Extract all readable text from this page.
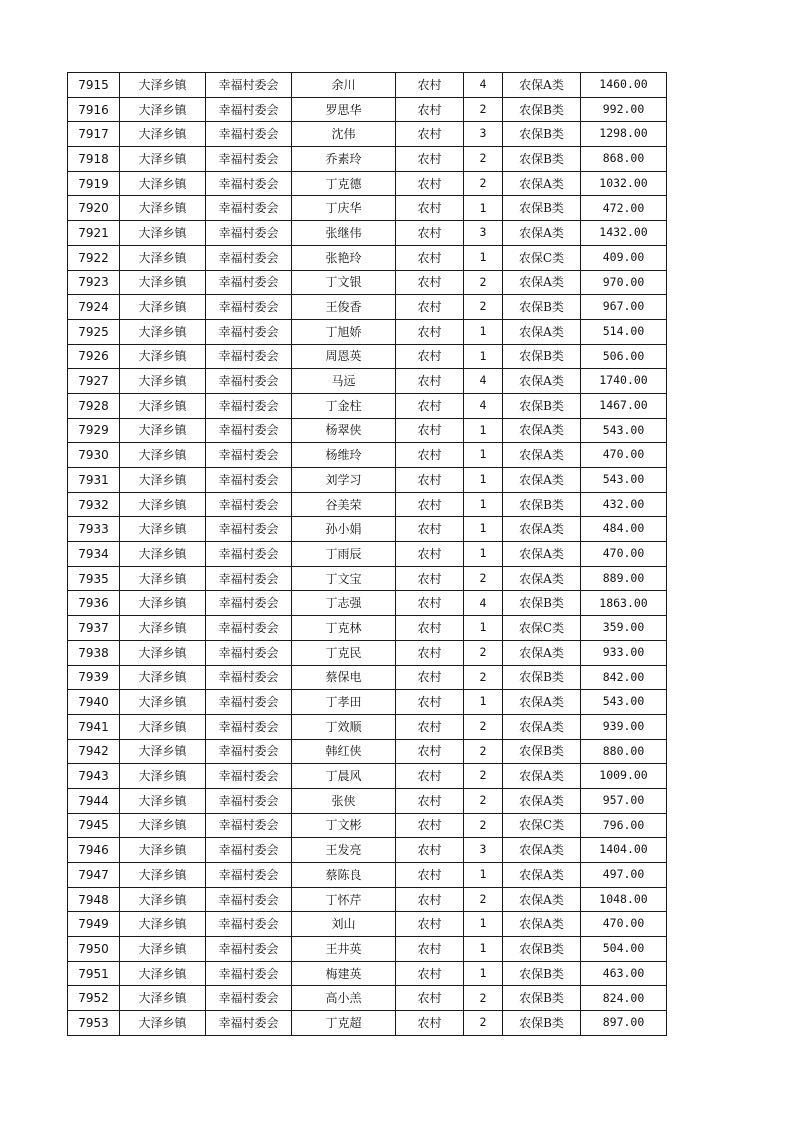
7915	大泽乡镇	幸福村委会	余川	农村	4	农保A类	1460.00
7916	大泽乡镇	幸福村委会	罗思华	农村	2	农保B类	992.00
7917	大泽乡镇	幸福村委会	沈伟	农村	3	农保B类	1298.00
7918	大泽乡镇	幸福村委会	乔素玲	农村	2	农保B类	868.00
7919	大泽乡镇	幸福村委会	丁克德	农村	2	农保A类	1032.00
7920	大泽乡镇	幸福村委会	丁庆华	农村	1	农保B类	472.00
7921	大泽乡镇	幸福村委会	张继伟	农村	3	农保A类	1432.00
7922	大泽乡镇	幸福村委会	张艳玲	农村	1	农保C类	409.00
7923	大泽乡镇	幸福村委会	丁文银	农村	2	农保A类	970.00
7924	大泽乡镇	幸福村委会	王俊香	农村	2	农保B类	967.00
7925	大泽乡镇	幸福村委会	丁旭娇	农村	1	农保A类	514.00
7926	大泽乡镇	幸福村委会	周恩英	农村	1	农保B类	506.00
7927	大泽乡镇	幸福村委会	马远	农村	4	农保A类	1740.00
7928	大泽乡镇	幸福村委会	丁金柱	农村	4	农保B类	1467.00
7929	大泽乡镇	幸福村委会	杨翠侠	农村	1	农保A类	543.00
7930	大泽乡镇	幸福村委会	杨维玲	农村	1	农保A类	470.00
7931	大泽乡镇	幸福村委会	刘学习	农村	1	农保A类	543.00
7932	大泽乡镇	幸福村委会	谷美荣	农村	1	农保B类	432.00
7933	大泽乡镇	幸福村委会	孙小娟	农村	1	农保A类	484.00
7934	大泽乡镇	幸福村委会	丁雨辰	农村	1	农保A类	470.00
7935	大泽乡镇	幸福村委会	丁文宝	农村	2	农保A类	889.00
7936	大泽乡镇	幸福村委会	丁志强	农村	4	农保B类	1863.00
7937	大泽乡镇	幸福村委会	丁克林	农村	1	农保C类	359.00
7938	大泽乡镇	幸福村委会	丁克民	农村	2	农保A类	933.00
7939	大泽乡镇	幸福村委会	蔡保电	农村	2	农保B类	842.00
7940	大泽乡镇	幸福村委会	丁孝田	农村	1	农保A类	543.00
7941	大泽乡镇	幸福村委会	丁效顺	农村	2	农保A类	939.00
7942	大泽乡镇	幸福村委会	韩红侠	农村	2	农保B类	880.00
7943	大泽乡镇	幸福村委会	丁晨风	农村	2	农保A类	1009.00
7944	大泽乡镇	幸福村委会	张侠	农村	2	农保A类	957.00
7945	大泽乡镇	幸福村委会	丁文彬	农村	2	农保C类	796.00
7946	大泽乡镇	幸福村委会	王发亮	农村	3	农保A类	1404.00
7947	大泽乡镇	幸福村委会	蔡陈良	农村	1	农保A类	497.00
7948	大泽乡镇	幸福村委会	丁怀芹	农村	2	农保A类	1048.00
7949	大泽乡镇	幸福村委会	刘山	农村	1	农保A类	470.00
7950	大泽乡镇	幸福村委会	王井英	农村	1	农保B类	504.00
7951	大泽乡镇	幸福村委会	梅建英	农村	1	农保B类	463.00
7952	大泽乡镇	幸福村委会	高小羔	农村	2	农保B类	824.00
7953	大泽乡镇	幸福村委会	丁克超	农村	2	农保B类	897.00
